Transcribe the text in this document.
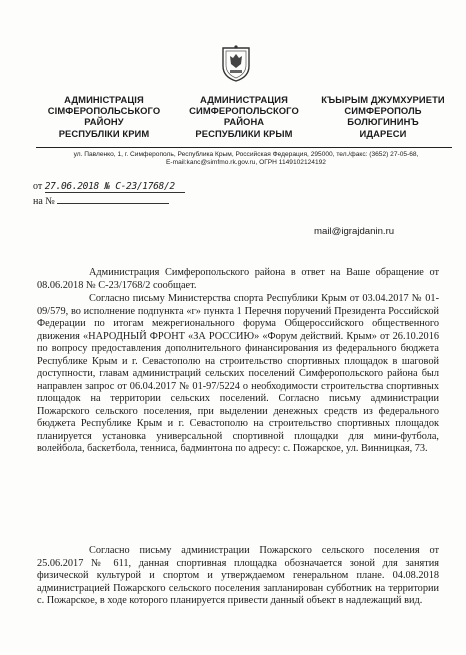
АДМИНІСТРАЦІЯ
СІМФЕРОПОЛЬСЬКОГО
РАЙОНУ
РЕСПУБЛІКИ КРИМ
АДМИНИСТРАЦИЯ
СИМФЕРОПОЛЬСКОГО
РАЙОНА
РЕСПУБЛИКИ КРЫМ
КЪЫРЫМ ДЖУМХУРИЕТИ
СИМФЕРОПОЛЬ
БОЛЮГИНИНЪ
ИДАРЕСИ
ул. Павленко, 1, г. Симферополь, Республика Крым, Российская Федерация, 295000, тел./факс: (3652) 27-05-68,
E-mail:kanc@simfmo.rk.gov.ru, ОГРН 1149102124192
от 27.06.2018 № С-23/1768/2
на №
mail@igrajdanin.ru

Администрация Симферопольского района в ответ на Ваше обращение от 08.06.2018 № С-23/1768/2 сообщает.

Согласно письму Министерства спорта Республики Крым от 03.04.2017 № 01-09/579, во исполнение подпункта «г» пункта 1 Перечня поручений Президента Российской Федерации по итогам межрегионального форума Общероссийского общественного движения «НАРОДНЫЙ ФРОНТ «ЗА РОССИЮ» «Форум действий. Крым» от 26.10.2016 по вопросу предоставления дополнительного финансирования из федерального бюджета Республике Крым и г. Севастополю на строительство спортивных площадок в шаговой доступности, главам администраций сельских поселений Симферопольского района был направлен запрос от 06.04.2017 № 01-97/5224 о необходимости строительства спортивных площадок на территории сельских поселений. Согласно письму администрации Пожарского сельского поселения, при выделении денежных средств из федерального бюджета Республике Крым и г. Севастополю на строительство спортивных площадок планируется установка универсальной спортивной площадки для мини-футбола, волейбола, баскетбола, тенниса, бадминтона по адресу: с. Пожарское, ул. Винницкая, 73.

Согласно письму администрации Пожарского сельского поселения от 25.06.2017 № 611, данная спортивная площадка обозначается зоной для занятия физической культурой и спортом и утверждаемом генеральном плане. 04.08.2018 администрацией Пожарского сельского поселения запланирован субботник на территории с. Пожарское, в ходе которого планируется привести данный объект в надлежащий вид.
